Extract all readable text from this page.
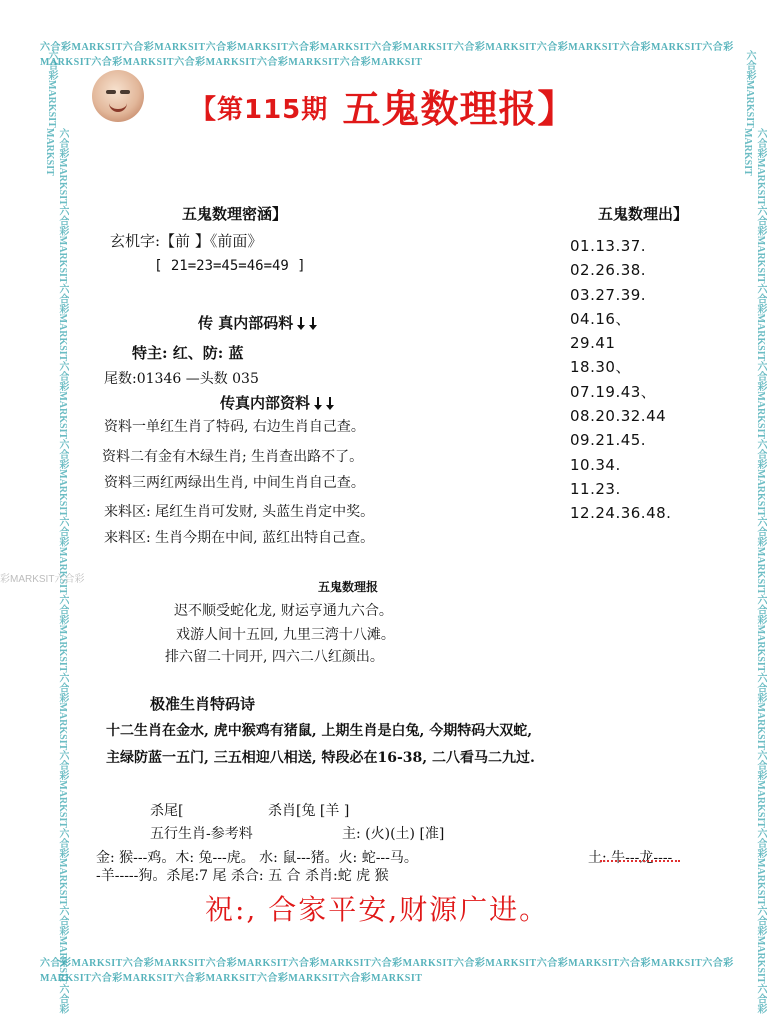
六合彩MARKSIT六合彩MARKSIT六合彩MARKSIT六合彩MARKSIT六合彩MARKSIT六合彩MARKSIT六合彩MARKSIT六合彩MARKSIT六合彩MARKSIT六合彩MARKSIT六合彩MARKSIT六合彩MARKSIT六合彩MARKSIT
六合彩MARKSIT六合彩MARKSIT六合彩MARKSIT六合彩MARKSIT六合彩MARKSIT六合彩MARKSIT六合彩MARKSIT六合彩MARKSIT六合彩MARKSIT六合彩MARKSIT六合彩MARKSIT六合彩MARKSIT六合彩MARKSIT
六合彩MARKSIT
六合彩MARKSIT六合彩MARKSIT六合彩MARKSIT六合彩MARKSIT六合彩MARKSIT六合彩MARKSIT六合彩MARKSIT六合彩MARKSIT六合彩MARKSIT六合彩MARKSIT六合彩MARKSIT六合彩MARKSIT
六合彩MARKSIT
六合彩MARKSIT六合彩MARKSIT六合彩MARKSIT六合彩MARKSIT六合彩MARKSIT六合彩MARKSIT六合彩MARKSIT六合彩MARKSIT六合彩MARKSIT六合彩MARKSIT六合彩MARKSIT六合彩MARKSIT
彩MARKSIT六合彩
【第115期 五鬼数理报】
五鬼数理密涵】
玄机字:【前 】《前面》
[ 21=23=45=46=49 ]
传 真内部码料
特主: 红、防: 蓝
尾数:01346 —头数 035
传真内部资料
资料一单红生肖了特码, 右边生肖自己查。
资料二有金有木绿生肖; 生肖查出路不了。
资料三两红两绿出生肖, 中间生肖自己查。
来料区: 尾红生肖可发财, 头蓝生肖定中奖。
来料区: 生肖今期在中间, 蓝红出特自己查。
五鬼数理出】
01.13.37.
02.26.38.
03.27.39.
04.16、
29.41
18.30、
07.19.43、
08.20.32.44
09.21.45.
10.34.
11.23.
12.24.36.48.
五鬼数理报
迟不顺受蛇化龙, 财运亨通九六合。
戏游人间十五回, 九里三湾十八滩。
排六留二十同开, 四六二八红颜出。
极准生肖特码诗
十二生肖在金水, 虎中猴鸡有猪鼠, 上期生肖是白兔, 今期特码大双蛇,
主绿防蓝一五门, 三五相迎八相送, 特段必在16-38, 二八看马二九过.
杀尾[	杀肖[兔 [羊 ]
五行生肖-参考料	主: (火)(土) [准]
金: 猴---鸡。木: 兔---虎。 水: 鼠---猪。火: 蛇---马。	土: 牛---龙----
-羊-----狗。杀尾:7 尾 杀合: 五 合 杀肖:蛇 虎 猴
祝:, 合家平安,财源广进。
